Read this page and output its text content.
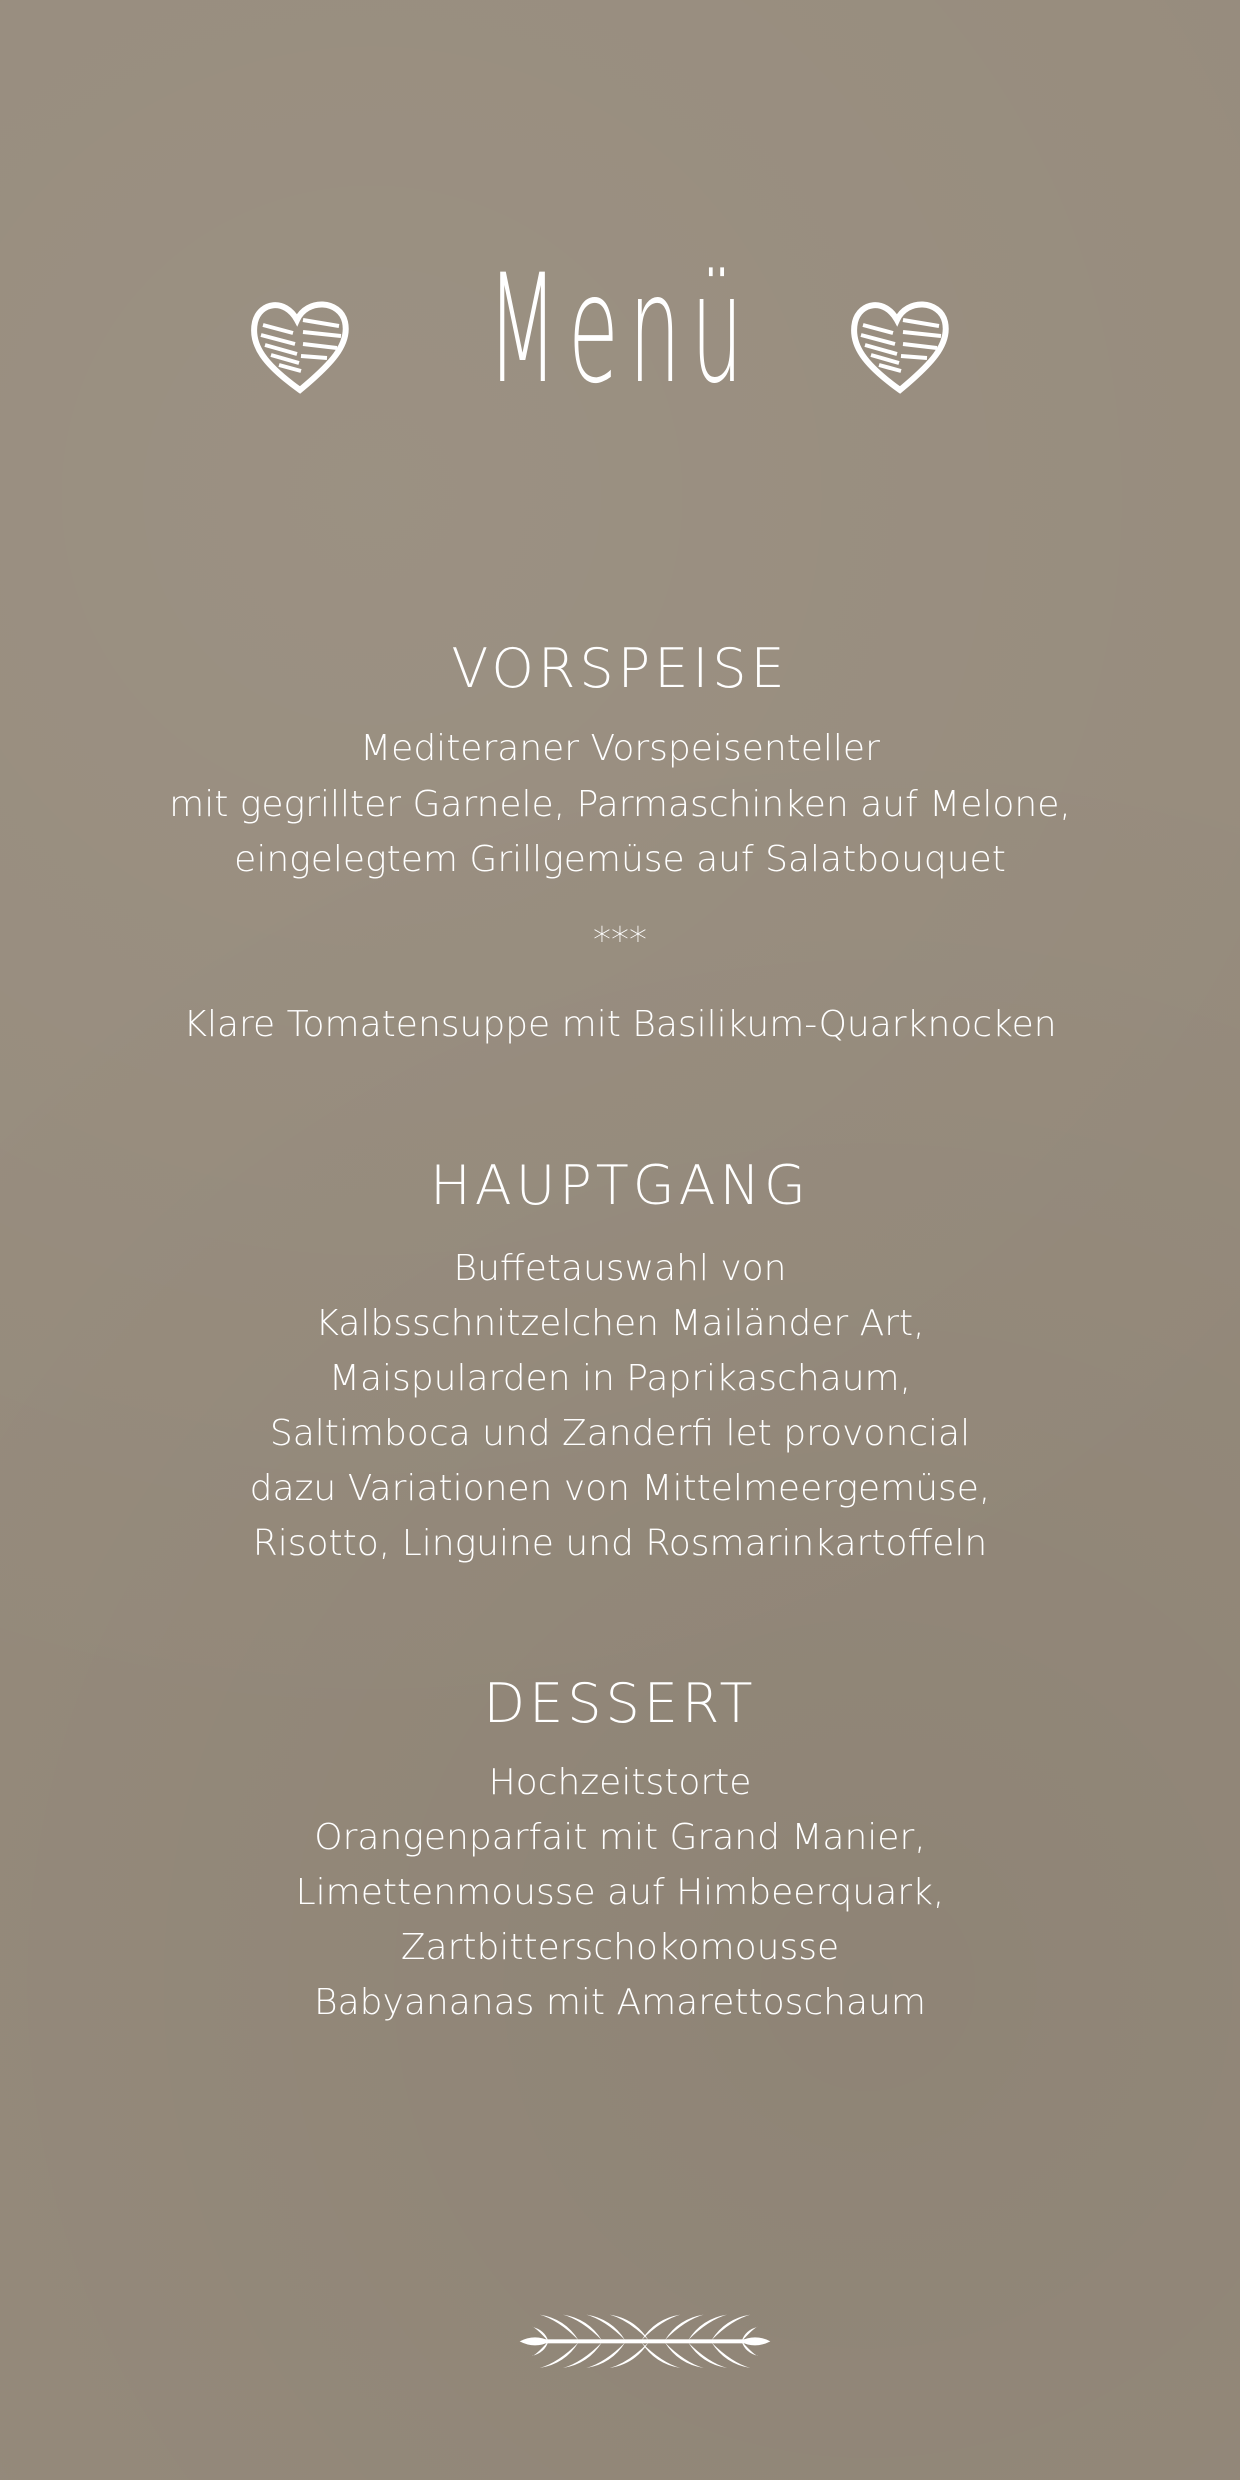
Menü
VORSPEISE
Mediteraner Vorspeisenteller
mit gegrillter Garnele, Parmaschinken auf Melone,
eingelegtem Grillgemüse auf Salatbouquet
***
Klare Tomatensuppe mit Basilikum-Quarknocken
HAUPTGANG
Buffetauswahl von
Kalbsschnitzelchen Mailänder Art,
Maispularden in Paprikaschaum,
Saltimboca und Zanderfi let provoncial
dazu Variationen von Mittelmeergemüse,
Risotto, Linguine und Rosmarinkartoffeln
DESSERT
Hochzeitstorte
Orangenparfait mit Grand Manier,
Limettenmousse auf Himbeerquark,
Zartbitterschokomousse
Babyananas mit Amarettoschaum
